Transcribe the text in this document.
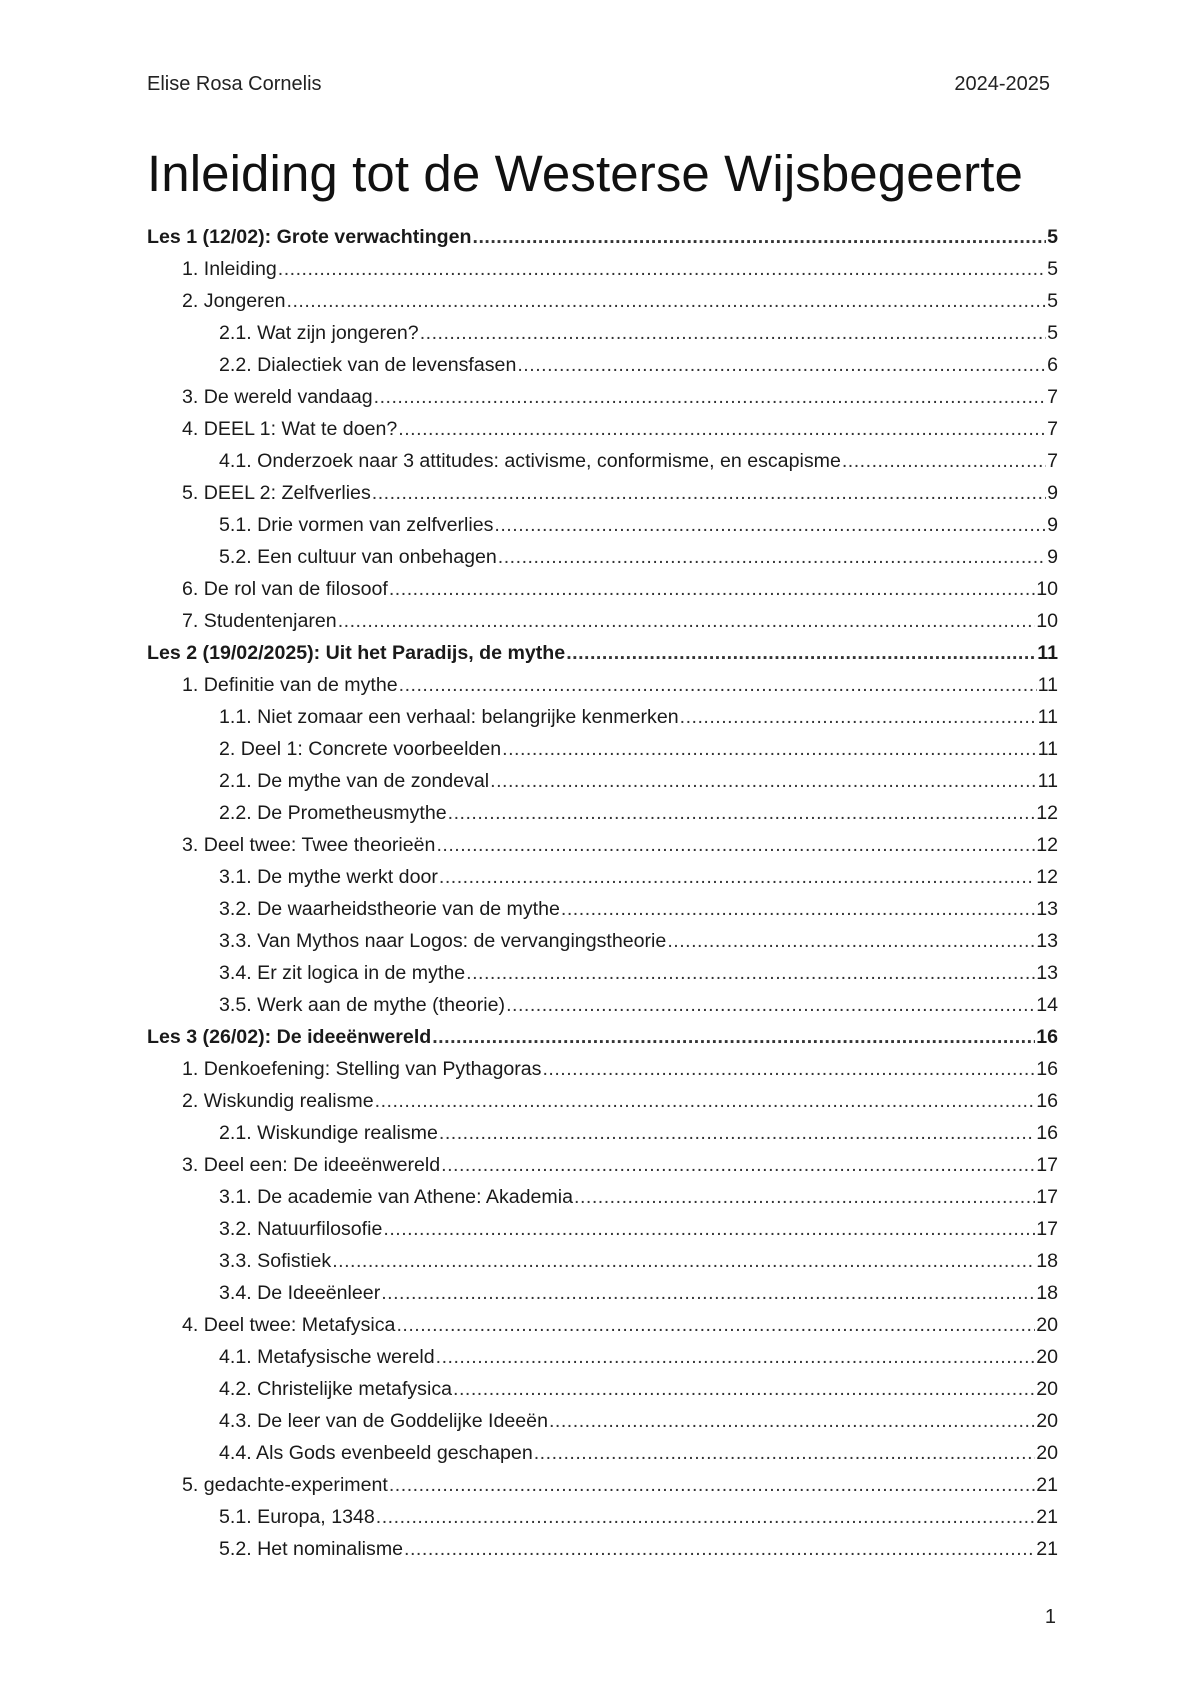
Elise Rosa Cornelis	2024-2025
Inleiding tot de Westerse Wijsbegeerte
Les 1 (12/02): Grote verwachtingen .....	5
1. Inleiding .....	5
2. Jongeren .....	5
2.1. Wat zijn jongeren? .....	5
2.2. Dialectiek van de levensfasen .....	6
3. De wereld vandaag .....	7
4. DEEL 1: Wat te doen? .....	7
4.1. Onderzoek naar 3 attitudes: activisme, conformisme, en escapisme .....	7
5. DEEL 2: Zelfverlies .....	9
5.1. Drie vormen van zelfverlies .....	9
5.2. Een cultuur van onbehagen .....	9
6. De rol van de filosoof .....	10
7. Studentenjaren .....	10
Les 2 (19/02/2025): Uit het Paradijs, de mythe .....	11
1. Definitie van de mythe .....	11
1.1. Niet zomaar een verhaal: belangrijke kenmerken .....	11
2. Deel 1: Concrete voorbeelden .....	11
2.1. De mythe van de zondeval .....	11
2.2. De Prometheusmythe .....	12
3. Deel twee: Twee theorieën .....	12
3.1. De mythe werkt door .....	12
3.2. De waarheidstheorie van de mythe .....	13
3.3. Van Mythos naar Logos: de vervangingstheorie .....	13
3.4. Er zit logica in de mythe .....	13
3.5. Werk aan de mythe (theorie) .....	14
Les 3 (26/02): De ideeënwereld .....	16
1. Denkoefening: Stelling van Pythagoras .....	16
2. Wiskundig realisme .....	16
2.1. Wiskundige realisme .....	16
3. Deel een: De ideeënwereld .....	17
3.1. De academie van Athene: Akademia .....	17
3.2. Natuurfilosofie .....	17
3.3. Sofistiek .....	18
3.4. De Ideeënleer .....	18
4. Deel twee: Metafysica .....	20
4.1. Metafysische wereld .....	20
4.2. Christelijke metafysica .....	20
4.3. De leer van de Goddelijke Ideeën .....	20
4.4. Als Gods evenbeeld geschapen .....	20
5. gedachte-experiment .....	21
5.1. Europa, 1348 .....	21
5.2. Het nominalisme .....	21
1
